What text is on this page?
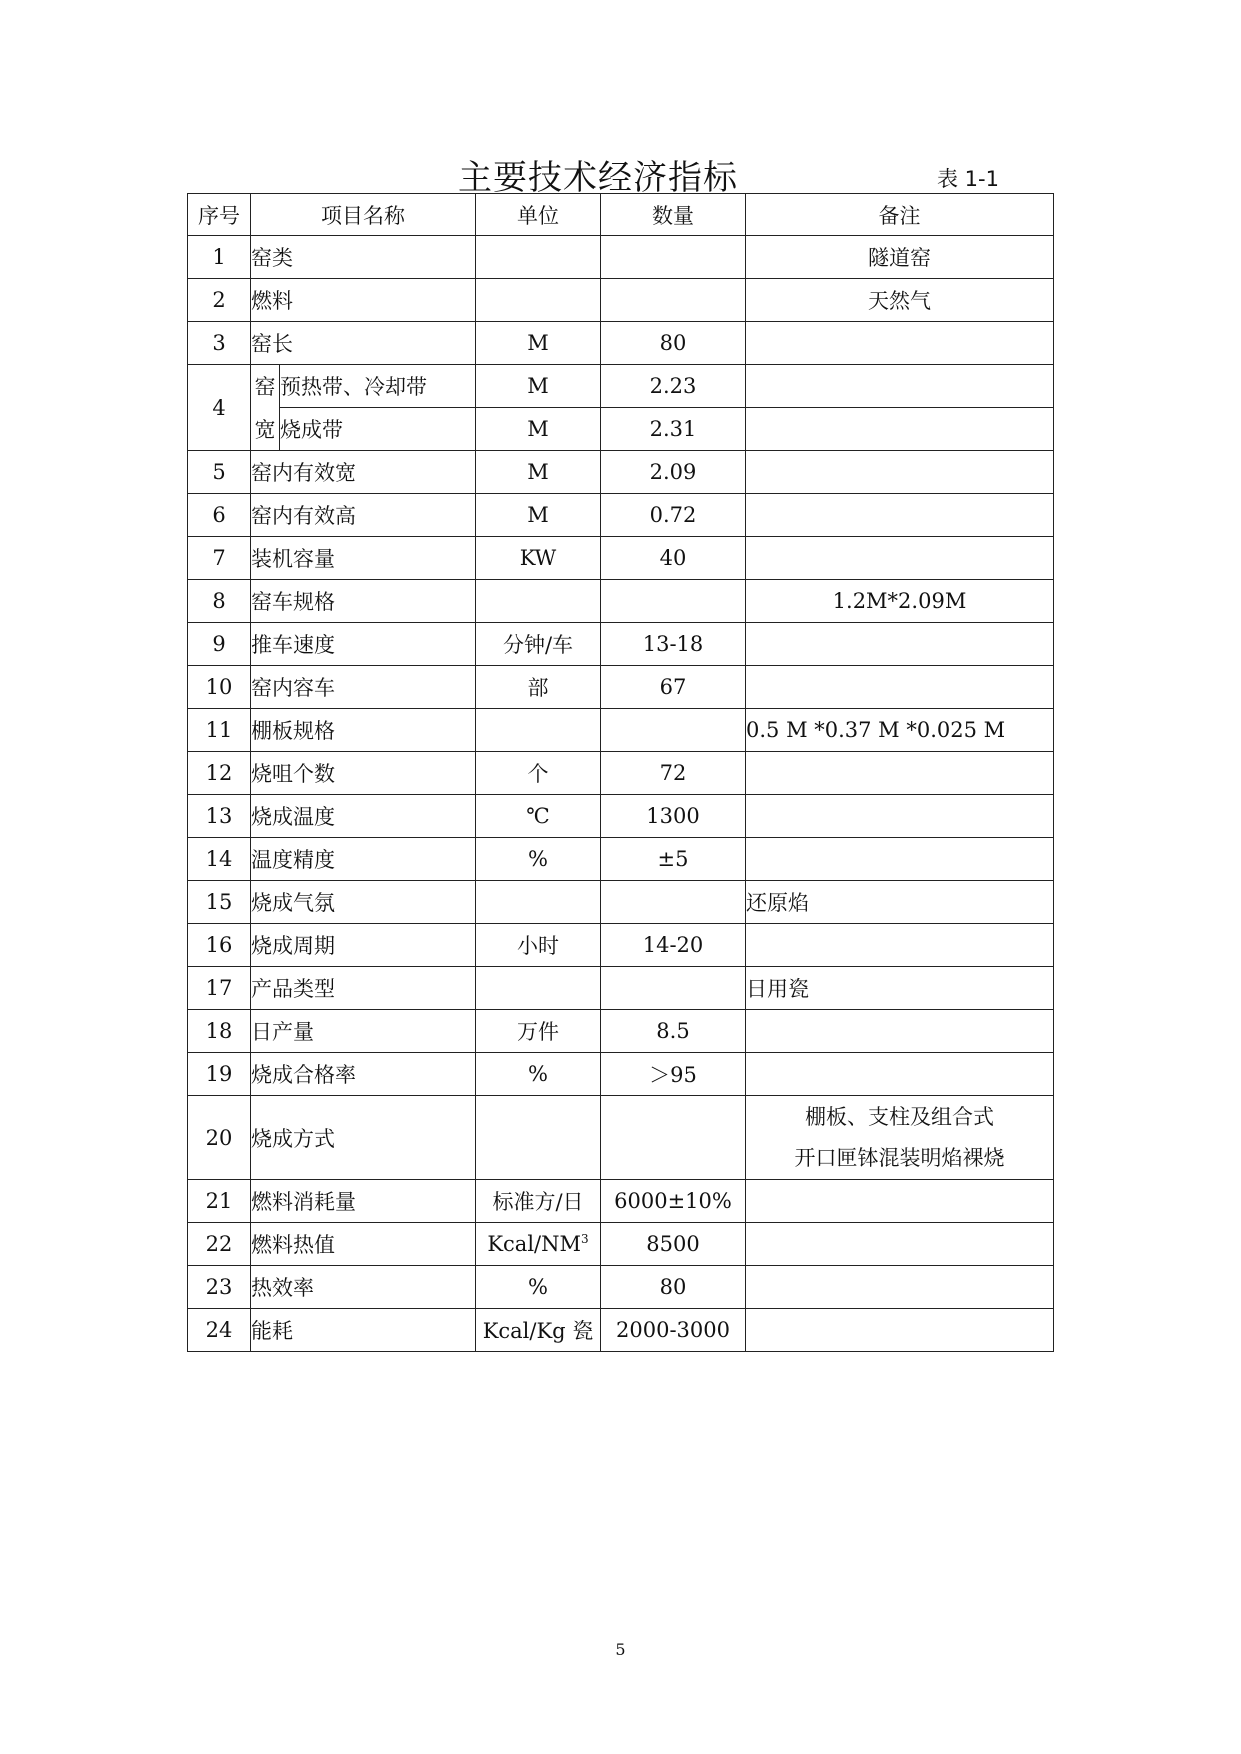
主要技术经济指标	表 1-1
序号	项目名称		单位	数量	备注
1	窑类				隧道窑
2	燃料				天然气
3	窑长		M	80	
4	窑	预热带、冷却带	M	2.23	
	宽	烧成带	M	2.31	
5	窑内有效宽		M	2.09	
6	窑内有效高		M	0.72	
7	装机容量		KW	40	
8	窑车规格				1.2M*2.09M
9	推车速度		分钟/车	13-18	
10	窑内容车		部	67	
11	棚板规格				0.5 M *0.37 M *0.025 M
12	烧咀个数		个	72	
13	烧成温度		℃	1300	
14	温度精度		%	±5	
15	烧成气氛				还原焰
16	烧成周期		小时	14-20	
17	产品类型				日用瓷
18	日产量		万件	8.5	
19	烧成合格率		%	＞95	
20	烧成方式				棚板、支柱及组合式
开口匣钵混装明焰裸烧

21	燃料消耗量		标准方/日	6000±10%	
22	燃料热值		Kcal/$NM^3$	8500	
23	热效率		%	80	
24	能耗		Kcal/Kg 瓷	2000-3000	
5
